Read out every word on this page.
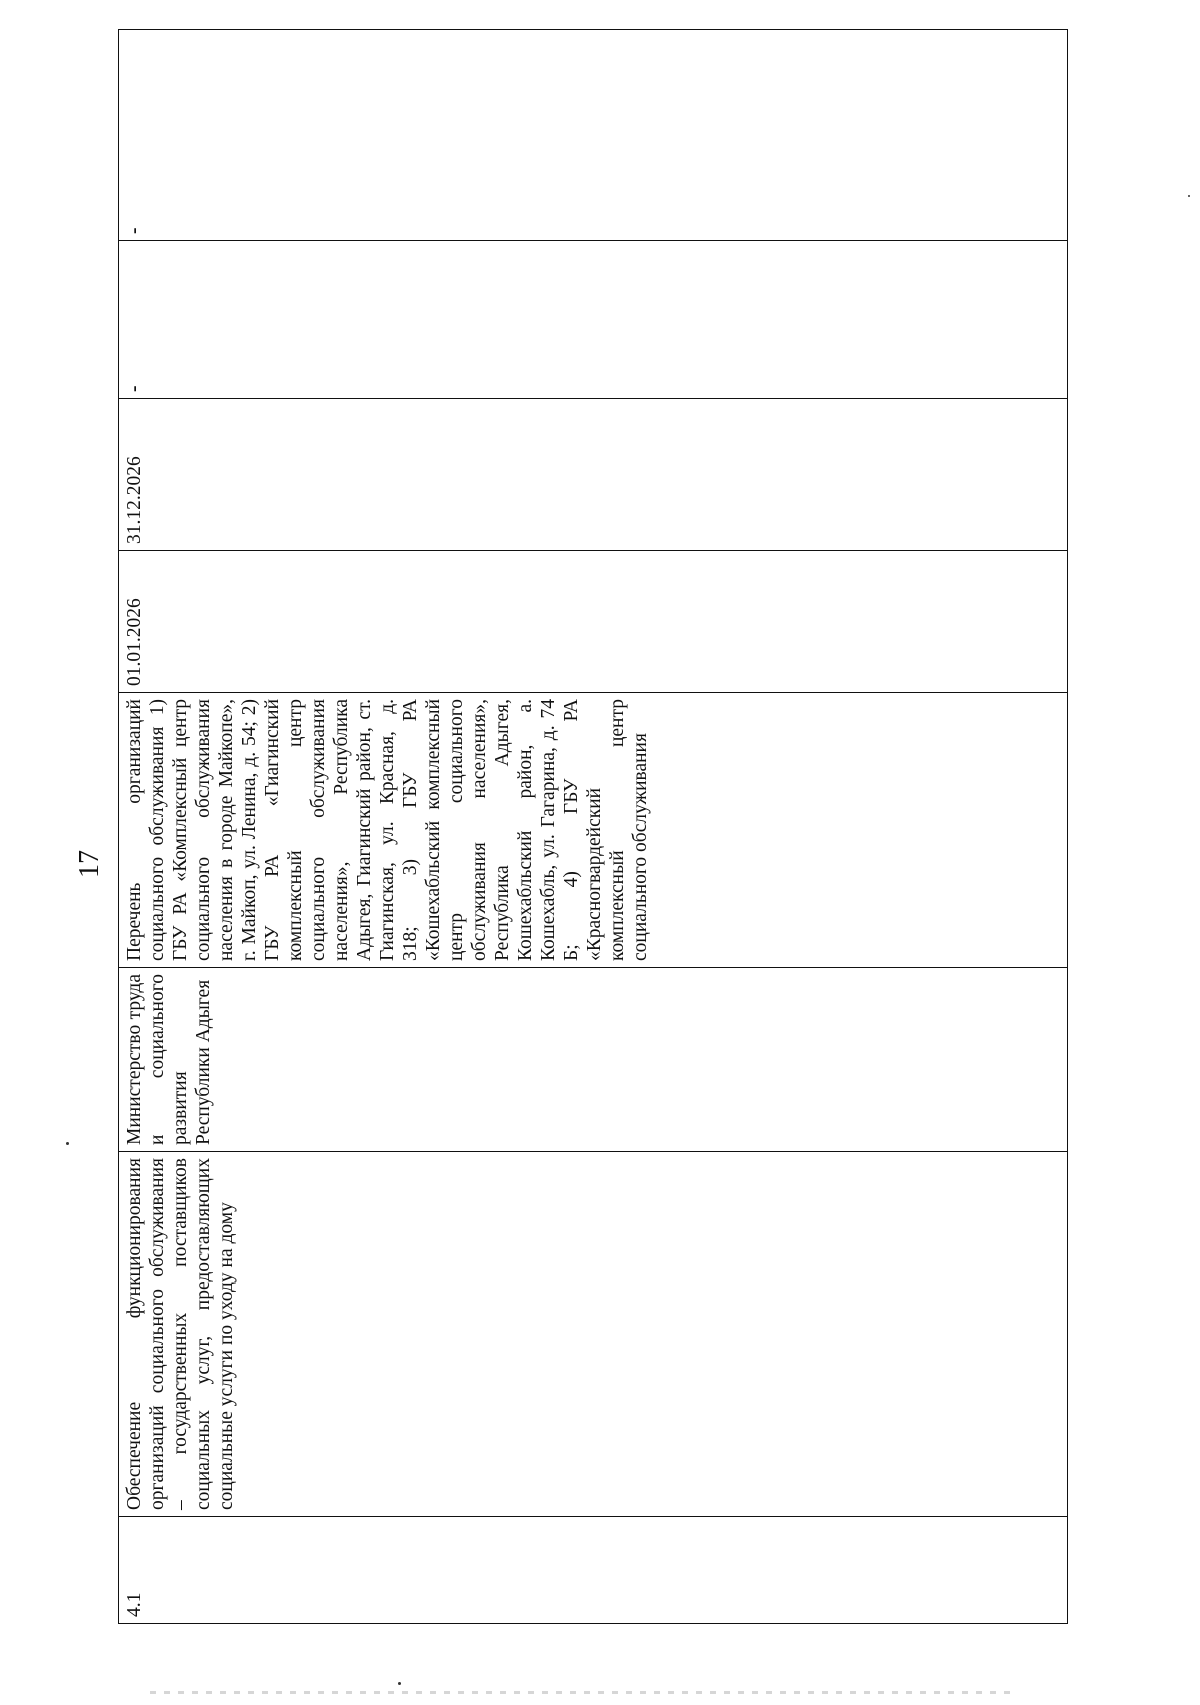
17
4.1	Обеспечение функционирования организаций социального обслуживания – государственных поставщиков социальных услуг, предоставляющих социальные услуги по уходу на дому	Министерство труда и социального развития Республики Адыгея	Перечень организаций социального обслуживания 1) ГБУ РА «Комплексный центр социального обслуживания населения в городе Майкопе», г. Майкоп, ул. Ленина, д. 54; 2) ГБУ РА «Гиагинский комплексный центр социального обслуживания населения», Республика Адыгея, Гиагинский район, ст. Гиагинская, ул. Красная, д. 318; 3) ГБУ РА «Кошехабльский комплексный центр социального обслуживания населения», Республика Адыгея, Кошехабльский район, а. Кошехабль, ул. Гагарина, д. 74 Б; 4) ГБУ РА «Красногвардейский комплексный центр социального обслуживания	01.01.2026	31.12.2026	-	-
